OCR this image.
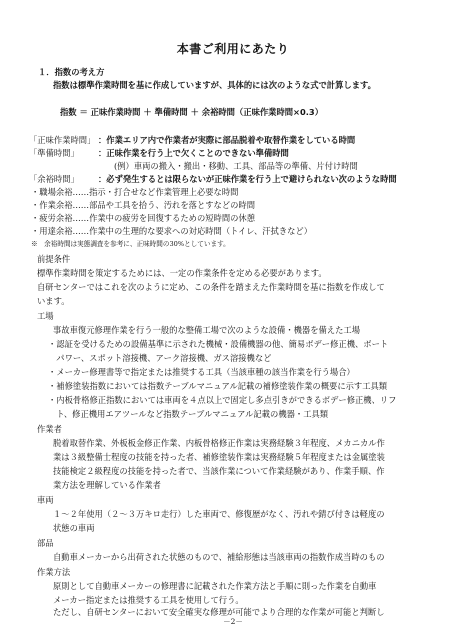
本書ご利用にあたり
１．指数の考え方
指数は標準作業時間を基に作成していますが、具体的には次のような式で計算します。
指数 ＝ 正味作業時間 ＋ 準備時間 ＋ 余裕時間（正味作業時間×0.3）
「正味作業時間」 ：作業エリア内で作業者が実際に部品脱着や取替作業をしている時間
「準備時間」 ：正味作業を行う上で欠くことのできない準備時間
(例）車両の搬入・搬出・移動、工具、部品等の準備、片付け時間
「余裕時間」 ：必ず発生するとは限らないが正味作業を行う上で避けられない次のような時間
・職場余裕……指示・打合せなど作業管理上必要な時間
・作業余裕……部品や工具を拾う、汚れを落とすなどの時間
・疲労余裕……作業中の疲労を回復するための短時間の休憩
・用達余裕……作業中の生理的な要求への対応時間（トイレ、汗拭きなど）
※　余裕時間は実態調査を参考に、正味時間の30%としています。
前提条件
標準作業時間を策定するためには、一定の作業条件を定める必要があります。
自研センターではこれを次のように定め、この条件を踏まえた作業時間を基に指数を作成して
います。
工場
事故車復元修理作業を行う一般的な整備工場で次のような設備・機器を備えた工場
・認証を受けるための設備基準に示された機械・設備機器の他、簡易ボデー修正機、ボート
　パワー、スポット溶接機、アーク溶接機、ガス溶接機など
・メーカー修理書等で指定または推奨する工具（当該車種の該当作業を行う場合）
・補修塗装指数においては指数テーブルマニュアル記載の補修塗装作業の概要に示す工具類
・内板骨格修正指数においては車両を４点以上で固定し多点引きができるボデー修正機、リフ
　ト、修正機用エアツールなど指数テーブルマニュアル記載の機器・工具類
作業者
脱着取替作業、外板板金修正作業、内板骨格修正作業は実務経験３年程度、メカニカル作
業は３級整備士程度の技能を持った者、補修塗装作業は実務経験５年程度または金属塗装
技能検定２級程度の技能を持った者で、当該作業について作業経験があり、作業手順、作
業方法を理解している作業者
車両
１～２年使用（２～３万キロ走行）した車両で、修復歴がなく、汚れや錆び付きは軽度の
状態の車両
部品
自動車メーカーから出荷された状態のもので、補給形態は当該車両の指数作成当時のもの
作業方法
原則として自動車メーカーの修理書に記載された作業方法と手順に則った作業を自動車
メーカー指定または推奨する工具を使用して行う。
ただし、自研センターにおいて安全確実な修理が可能でより合理的な作業が可能と判断し
－2－
